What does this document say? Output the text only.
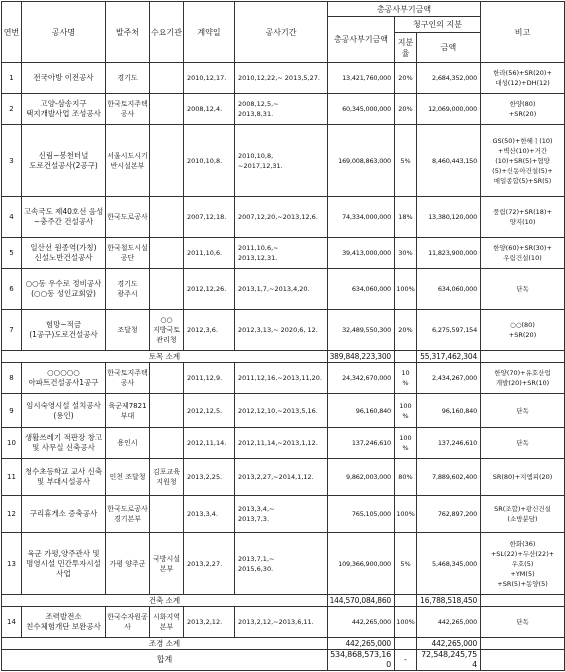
연번	공사명	발주처	수요기관	계약일	공사기간	총공사부기금액			비고
						총공사부기금액	청구인의 지분		
							지분율	금액	
1	전국아방 이전공사	경기도		2010,12,17.	2010,12,22,~ 2013,5,27.	13,421,760,000	20%	2,684,352,000	한라(56)+SR(20)+
대성(12)+DH(12)
2	고양-삼송지구 택지개발사업 조성공사	한국토지주택공사		2008,12,4.	2008,12,5,~
2013,8,31.	60,345,000,000	20%	12,069,000,000	한양(80)
+SR(20)
3	신림~봉천터널 도로건설공사(2공구)	서울시도시기반시설본부		2010,10,8.	2010,10,8,
~2017,12,31.	169,008,863,000	5%	8,460,443,150	GS(50)+한혜ㅣ(10)
+벽산(10)+거간
(10)+SR(5)+협양
(5)+신동아건설(5)+
매일종합(5)+SR(5)
4	고속국도 제40호선 음성~충주간 건설공사	한국도로공사		2007,12,18.	2007,12,20,~2013,12,6.	74,334,000,000	18%	13,380,120,000	풍림(72)+SR(18)+
양지(10)
5	일산선 원종역(가칭) 신설노반건설공사	한국철도시설공단		2011,10,6.	2011,10,6,~
2013,12,31.	39,413,000,000	30%	11,823,900,000	한양(60)+SR(30)+
우림건설(10)
6	○○동 우수로 정비공사
(○○동 성인교회앞)	경기도 광주시		2012,12,26.	2013,1,7,~2013,4,20.	634,060,000	100%	634,060,000	단독
7	험망~적금
(1공구)도로건설공사	조달청	○○지방국토관리청	2012,3,6.	2012,3,13,~ 2020,6, 12.	32,489,550,300	20%	6,275,597,154	○○(80)
+SR(20)
토목 소계						389,848,223,300		55,317,462,304	
8	○○○○○아파트건설공사1공구	한국토지주택공사		2011,12,9.	2011,12,16,~2013,11,20.	24,342,670,000	10
%	2,434,267,000	한양(70)+유호산업
개발(20)+SR(10)
9	임시숙영시설 설치공사(용인)	육군제7821부대		2012,12,5.	2012,12,10,~2013,5,16.	96,160,840	100
%	96,160,840	단독
10	생활쓰레기 적판장 창고 및 사무실 신축공사	용인시		2012,11,14.	2012,11,14,~2013,1,12.	137,246,610	100
%	137,246,610	단독
11	청수초등학교 교사 신축 및 부대시설공사	인천 조달청	김포교육지원청	2013,2,25.	2013,2,27,~2014,1,12.	9,862,003,000	80%	7,889,602,400	SR(80)+지엠피(20)
12	구리휴게소 증축공사	한국도로공사 경기본부		2013,3,4.	2013,3,4,~
2013,7,3.	765,105,000	100%	762,897,200	SR(조합)+광신건설
(소방분담)
13	육군 가평,양주관사 및 명영시설 민간투자시설 사업	가평 양주군	국방시설본부	2013,2,27.	2013,7,1,~
2015,6,30.	109,366,900,000	5%	5,468,345,000	한화(36)
+SL(22)+두산(22)+
우호(5)
+YM(5)
+SR(5)+동양(5)
건축 소계						144,570,084,860		16,788,518,450	
14	조력발전소 친수체험개단 보완공사	한국수자원공사	시화지역본부	2013,2,12.	2013,2,12,~2013,6,11.	442,265,000	100%	442,265,000	단독
조경 소계						442,265,000		442,265,000	
합계						534,868,573,160	-	72,548,245,754	
